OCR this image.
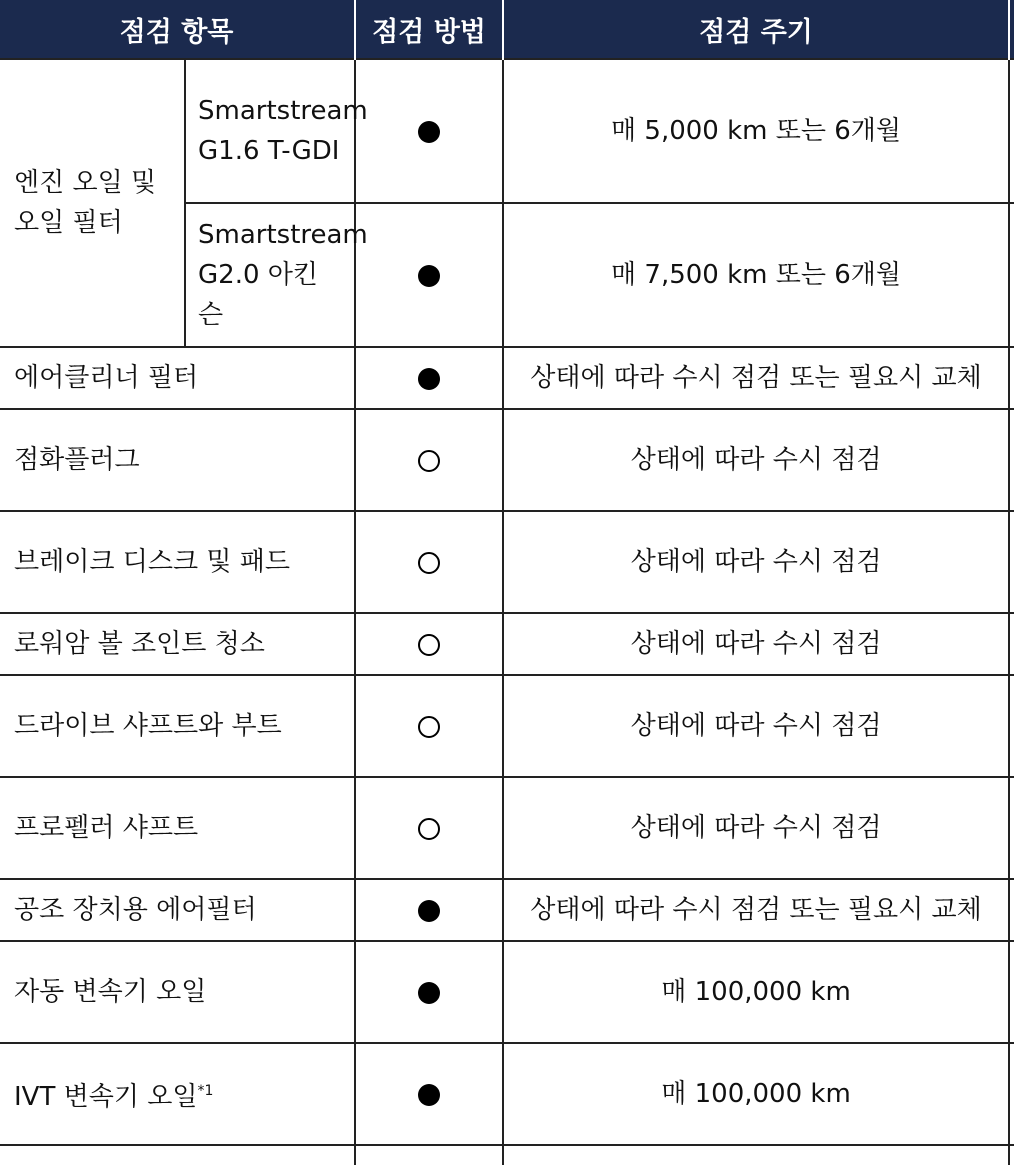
점검 항목		점검 방법	점검 주기	
엔진 오일 및 오일 필터	Smartstream G1.6 T-GDI		매 5,000 km 또는 6개월	
	Smartstream G2.0 아킨슨		매 7,500 km 또는 6개월	
에어클리너 필터			상태에 따라 수시 점검 또는 필요시 교체	
점화플러그			상태에 따라 수시 점검	
브레이크 디스크 및 패드			상태에 따라 수시 점검	
로워암 볼 조인트 청소			상태에 따라 수시 점검	
드라이브 샤프트와 부트			상태에 따라 수시 점검	
프로펠러 샤프트			상태에 따라 수시 점검	
공조 장치용 에어필터			상태에 따라 수시 점검 또는 필요시 교체	
자동 변속기 오일			매 100,000 km	
IVT 변속기 오일$^{*1}$			매 100,000 km	
